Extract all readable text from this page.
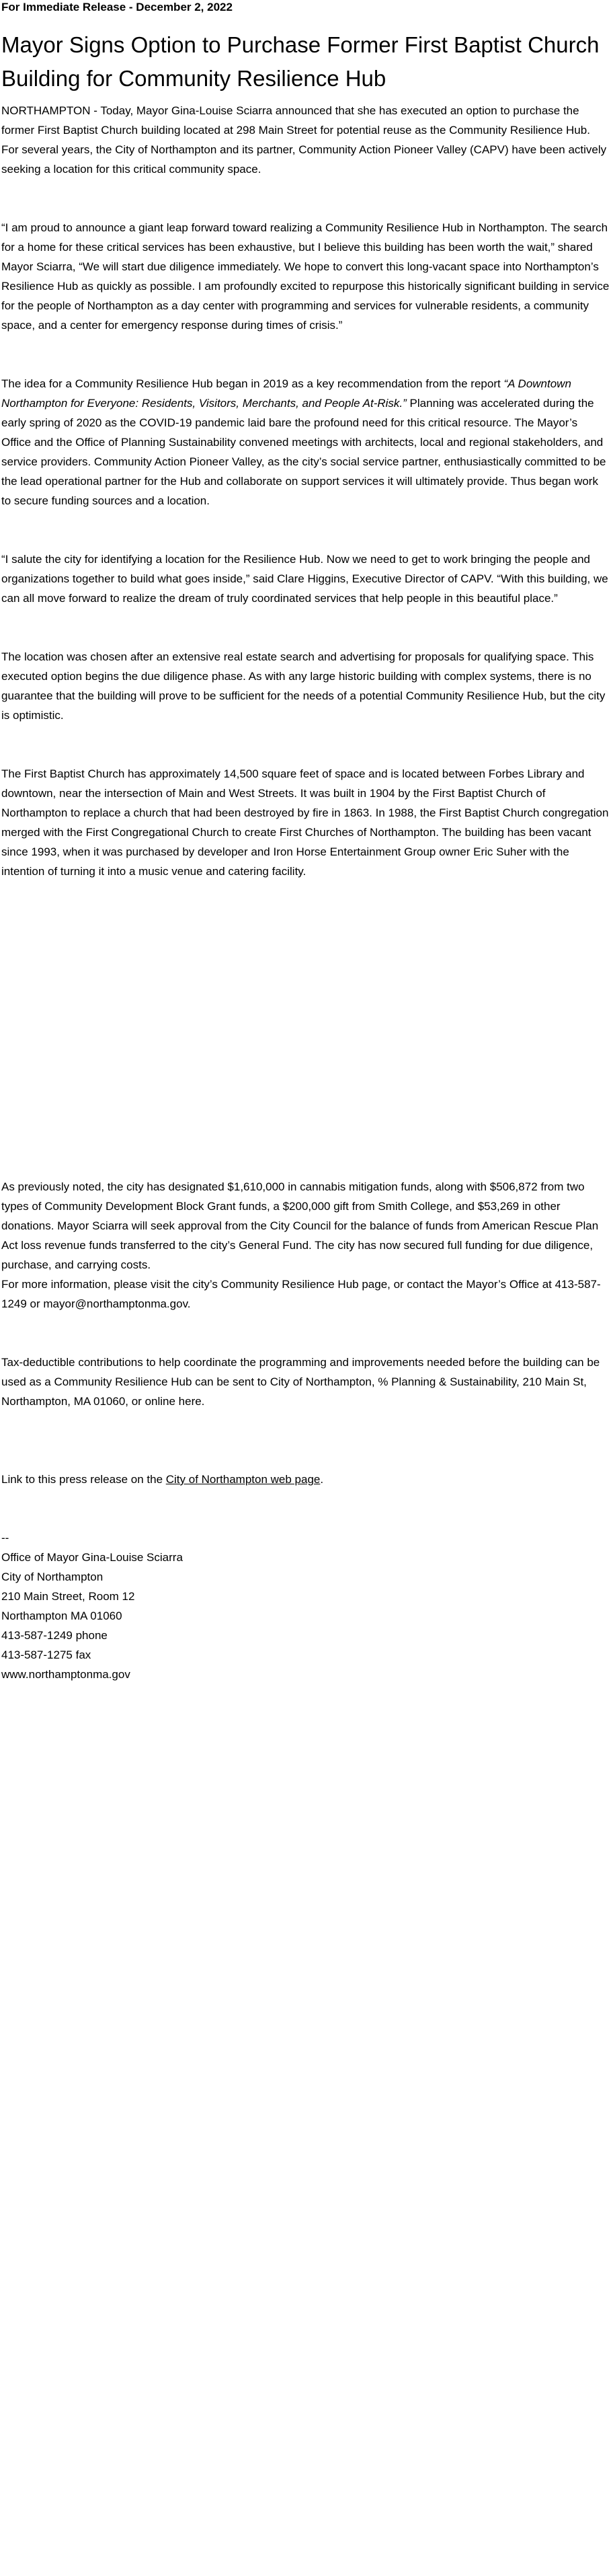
For Immediate Release - December 2, 2022

Mayor Signs Option to Purchase Former First Baptist Church Building for Community Resilience Hub

NORTHAMPTON - Today, Mayor Gina-Louise Sciarra announced that she has executed an option to purchase the former First Baptist Church building located at 298 Main Street for potential reuse as the Community Resilience Hub. For several years, the City of Northampton and its partner, Community Action Pioneer Valley (CAPV) have been actively seeking a location for this critical community space.

“I am proud to announce a giant leap forward toward realizing a Community Resilience Hub in Northampton. The search for a home for these critical services has been exhaustive, but I believe this building has been worth the wait,” shared Mayor Sciarra, “We will start due diligence immediately. We hope to convert this long-vacant space into Northampton’s Resilience Hub as quickly as possible. I am profoundly excited to repurpose this historically significant building in service for the people of Northampton as a day center with programming and services for vulnerable residents, a community space, and a center for emergency response during times of crisis.”

The idea for a Community Resilience Hub began in 2019 as a key recommendation from the report “A Downtown Northampton for Everyone: Residents, Visitors, Merchants, and People At-Risk.” Planning was accelerated during the early spring of 2020 as the COVID-19 pandemic laid bare the profound need for this critical resource. The Mayor’s Office and the Office of Planning Sustainability convened meetings with architects, local and regional stakeholders, and service providers. Community Action Pioneer Valley, as the city’s social service partner, enthusiastically committed to be the lead operational partner for the Hub and collaborate on support services it will ultimately provide. Thus began work to secure funding sources and a location.

“I salute the city for identifying a location for the Resilience Hub. Now we need to get to work bringing the people and organizations together to build what goes inside,” said Clare Higgins, Executive Director of CAPV. “With this building, we can all move forward to realize the dream of truly coordinated services that help people in this beautiful place.”

The location was chosen after an extensive real estate search and advertising for proposals for qualifying space. This executed option begins the due diligence phase. As with any large historic building with complex systems, there is no guarantee that the building will prove to be sufficient for the needs of a potential Community Resilience Hub, but the city is optimistic.

The First Baptist Church has approximately 14,500 square feet of space and is located between Forbes Library and downtown, near the intersection of Main and West Streets. It was built in 1904 by the First Baptist Church of Northampton to replace a church that had been destroyed by fire in 1863. In 1988, the First Baptist Church congregation merged with the First Congregational Church to create First Churches of Northampton. The building has been vacant since 1993, when it was purchased by developer and Iron Horse Entertainment Group owner Eric Suher with the intention of turning it into a music venue and catering facility.

As previously noted, the city has designated $1,610,000 in cannabis mitigation funds, along with $506,872 from two types of Community Development Block Grant funds, a $200,000 gift from Smith College, and $53,269 in other donations. Mayor Sciarra will seek approval from the City Council for the balance of funds from American Rescue Plan Act loss revenue funds transferred to the city’s General Fund. The city has now secured full funding for due diligence, purchase, and carrying costs.

For more information, please visit the city’s Community Resilience Hub page, or contact the Mayor’s Office at 413-587-1249 or mayor@northamptonma.gov.

Tax-deductible contributions to help coordinate the programming and improvements needed before the building can be used as a Community Resilience Hub can be sent to City of Northampton, % Planning & Sustainability, 210 Main St, Northampton, MA 01060, or online here.

Link to this press release on the City of Northampton web page.

--

Office of Mayor Gina-Louise Sciarra

City of Northampton

210 Main Street, Room 12

Northampton MA 01060

413-587-1249 phone

413-587-1275 fax

www.northamptonma.gov
